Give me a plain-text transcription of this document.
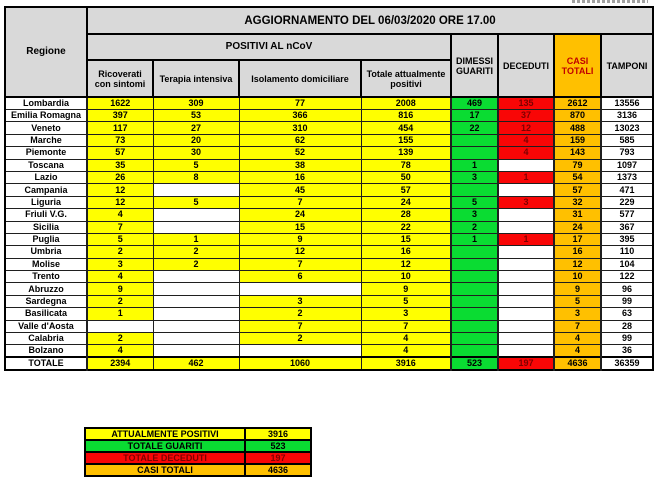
Regione	AGGIORNAMENTO DEL 06/03/2020 ORE 17.00							
	POSITIVI AL nCoV				DIMESSI GUARITI	DECEDUTI	CASI TOTALI	TAMPONI
	Ricoverati con sintomi	Terapia intensiva	Isolamento domiciliare	Totale attualmente positivi				
Lombardia	1622	309	77	2008	469	135	2612	13556
Emilia Romagna	397	53	366	816	17	37	870	3136
Veneto	117	27	310	454	22	12	488	13023
Marche	73	20	62	155		4	159	585
Piemonte	57	30	52	139		4	143	793
Toscana	35	5	38	78	1		79	1097
Lazio	26	8	16	50	3	1	54	1373
Campania	12		45	57			57	471
Liguria	12	5	7	24	5	3	32	229
Friuli V.G.	4		24	28	3		31	577
Sicilia	7		15	22	2		24	367
Puglia	5	1	9	15	1	1	17	395
Umbria	2	2	12	16			16	110
Molise	3	2	7	12			12	104
Trento	4		6	10			10	122
Abruzzo	9			9			9	96
Sardegna	2		3	5			5	99
Basilicata	1		2	3			3	63
Valle d'Aosta			7	7			7	28
Calabria	2		2	4			4	99
Bolzano	4			4			4	36
TOTALE	2394	462	1060	3916	523	197	4636	36359
ATTUALMENTE POSITIVI	3916
TOTALE GUARITI	523
TOTALE DECEDUTI	197
CASI TOTALI	4636
